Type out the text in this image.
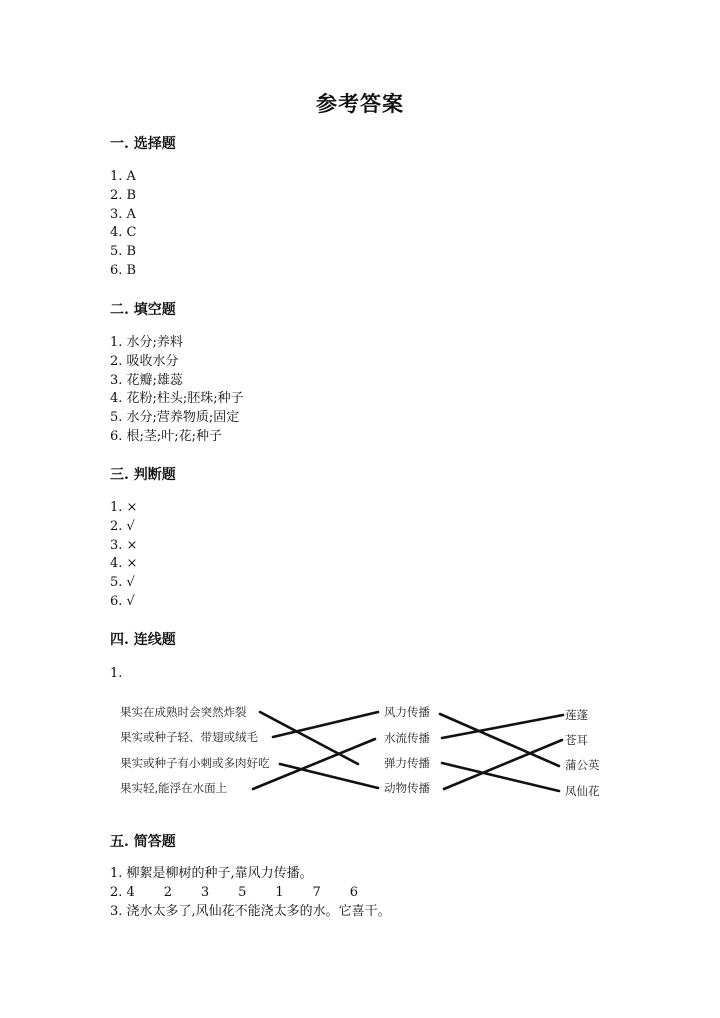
参考答案
一. 选择题
1. A
2. B
3. A
4. C
5. B
6. B
二. 填空题
1. 水分;养料
2. 吸收水分
3. 花瓣;雄蕊
4. 花粉;柱头;胚珠;种子
5. 水分;营养物质;固定
6. 根;茎;叶;花;种子
三. 判断题
1. ×
2. √
3. ×
4. ×
5. √
6. √
四. 连线题
1.
果实在成熟时会突然炸裂
果实或种子轻、带翅或绒毛
果实或种子有小刺或多肉好吃
果实轻,能浮在水面上
风力传播
水流传播
弹力传播
动物传播
莲蓬
苍耳
蒲公英
凤仙花
五. 简答题
1. 柳絮是柳树的种子,靠风力传播。
2. 4       2       3       5       1       7       6
3. 浇水太多了,风仙花不能浇太多的水。它喜干。
